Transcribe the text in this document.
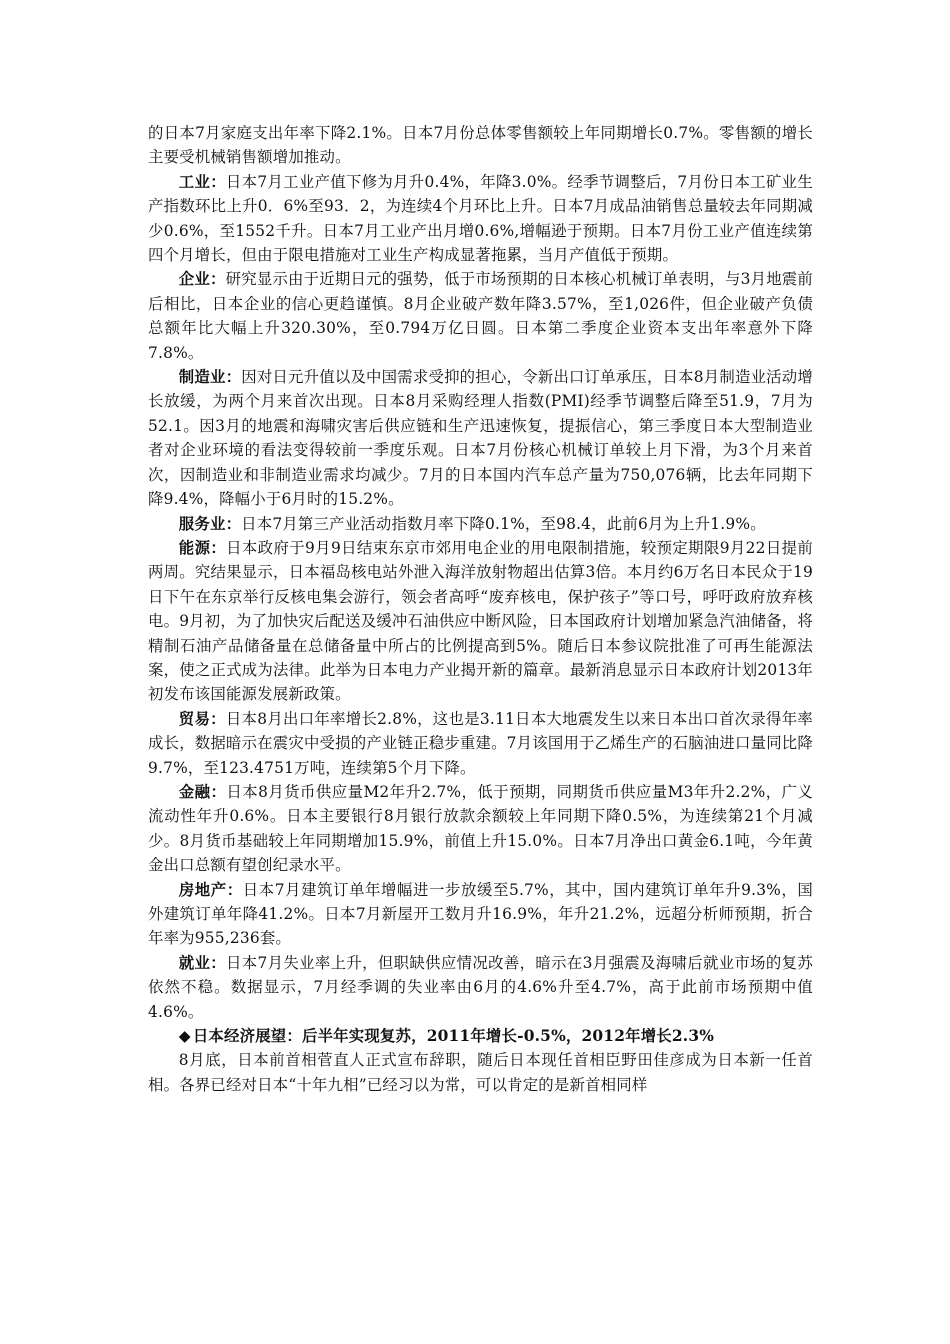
的日本7月家庭支出年率下降2.1%。日本7月份总体零售额较上年同期增长0.7%。零售额的增长主要受机械销售额增加推动。

工业：日本7月工业产值下修为月升0.4%，年降3.0%。经季节调整后，7月份日本工矿业生产指数环比上升0．6%至93．2，为连续4个月环比上升。日本7月成品油销售总量较去年同期减少0.6%，至1552千升。日本7月工业产出月增0.6%,增幅逊于预期。日本7月份工业产值连续第四个月增长，但由于限电措施对工业生产构成显著拖累，当月产值低于预期。

企业：研究显示由于近期日元的强势，低于市场预期的日本核心机械订单表明，与3月地震前后相比，日本企业的信心更趋谨慎。8月企业破产数年降3.57%，至1,026件，但企业破产负债总额年比大幅上升320.30%，至0.794万亿日圆。日本第二季度企业资本支出年率意外下降7.8%。

制造业：因对日元升值以及中国需求受抑的担心，令新出口订单承压，日本8月制造业活动增长放缓，为两个月来首次出现。日本8月采购经理人指数(PMI)经季节调整后降至51.9，7月为52.1。因3月的地震和海啸灾害后供应链和生产迅速恢复，提振信心，第三季度日本大型制造业者对企业环境的看法变得较前一季度乐观。日本7月份核心机械订单较上月下滑，为3个月来首次，因制造业和非制造业需求均减少。7月的日本国内汽车总产量为750,076辆，比去年同期下降9.4%，降幅小于6月时的15.2%。

服务业：日本7月第三产业活动指数月率下降0.1%，至98.4，此前6月为上升1.9%。

能源：日本政府于9月9日结束东京市郊用电企业的用电限制措施，较预定期限9月22日提前两周。究结果显示，日本福岛核电站外泄入海洋放射物超出估算3倍。本月约6万名日本民众于19日下午在东京举行反核电集会游行，领会者高呼“废弃核电，保护孩子”等口号，呼吁政府放弃核电。9月初，为了加快灾后配送及缓冲石油供应中断风险，日本国政府计划增加紧急汽油储备，将精制石油产品储备量在总储备量中所占的比例提高到5%。随后日本参议院批准了可再生能源法案，使之正式成为法律。此举为日本电力产业揭开新的篇章。最新消息显示日本政府计划2013年初发布该国能源发展新政策。

贸易：日本8月出口年率增长2.8%，这也是3.11日本大地震发生以来日本出口首次录得年率成长，数据暗示在震灾中受损的产业链正稳步重建。7月该国用于乙烯生产的石脑油进口量同比降9.7%，至123.4751万吨，连续第5个月下降。

金融：日本8月货币供应量M2年升2.7%，低于预期，同期货币供应量M3年升2.2%，广义流动性年升0.6%。日本主要银行8月银行放款余额较上年同期下降0.5%，为连续第21个月减少。8月货币基础较上年同期增加15.9%，前值上升15.0%。日本7月净出口黄金6.1吨，今年黄金出口总额有望创纪录水平。

房地产：日本7月建筑订单年增幅进一步放缓至5.7%，其中，国内建筑订单年升9.3%，国外建筑订单年降41.2%。日本7月新屋开工数月升16.9%，年升21.2%，远超分析师预期，折合年率为955,236套。

就业：日本7月失业率上升，但职缺供应情况改善，暗示在3月强震及海啸后就业市场的复苏依然不稳。数据显示，7月经季调的失业率由6月的4.6%升至4.7%，高于此前市场预期中值4.6%。

◆ 日本经济展望：后半年实现复苏，2011年增长-0.5%，2012年增长2.3%

8月底，日本前首相菅直人正式宣布辞职，随后日本现任首相臣野田佳彦成为日本新一任首相。各界已经对日本“十年九相”已经习以为常，可以肯定的是新首相同样
